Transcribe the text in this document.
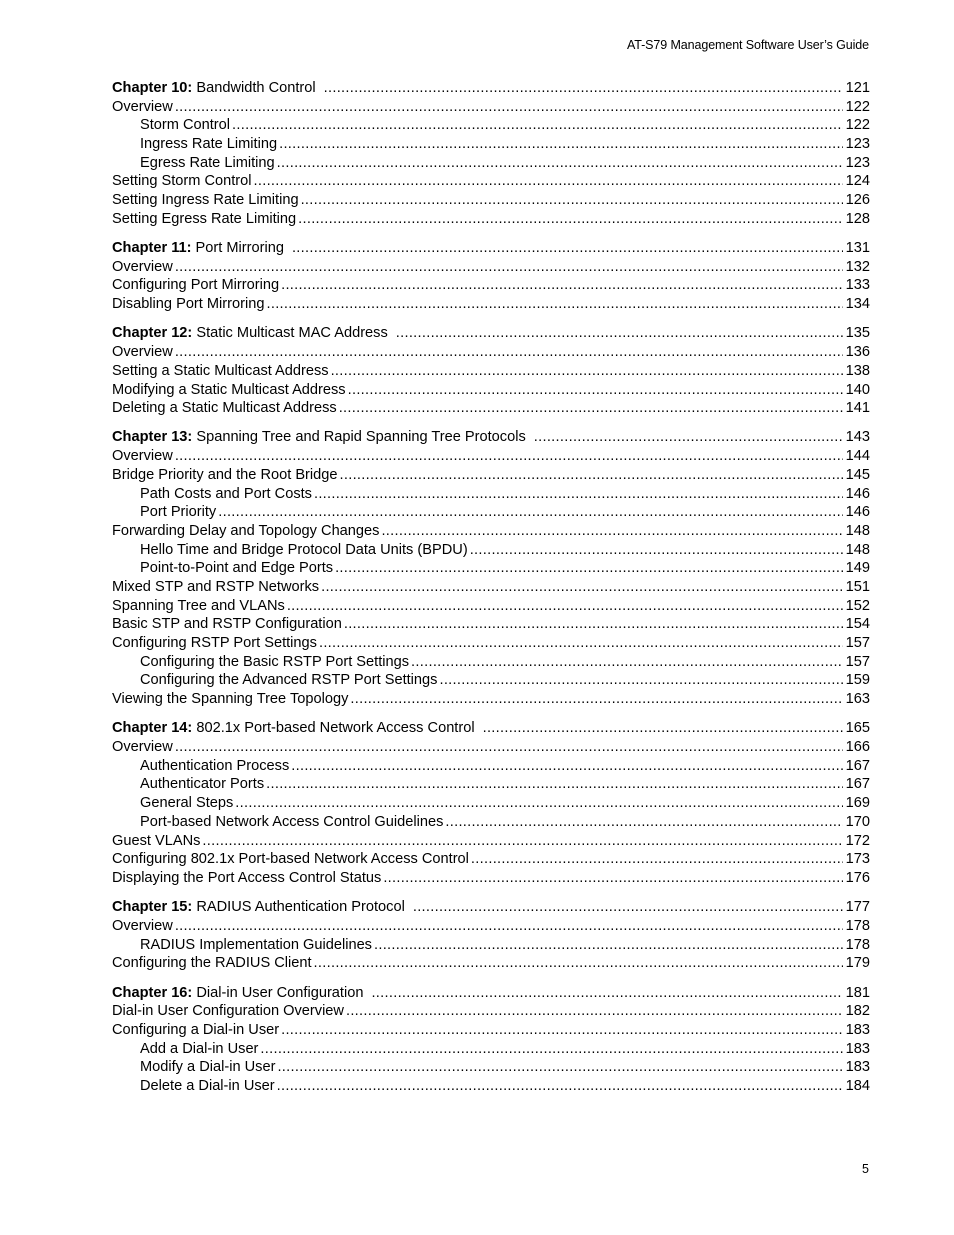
AT-S79 Management Software User’s Guide
Chapter 10: Bandwidth Control .....	121
Overview .....	122
Storm Control .....	122
Ingress Rate Limiting .....	123
Egress Rate Limiting .....	123
Setting Storm Control .....	124
Setting Ingress Rate Limiting .....	126
Setting Egress Rate Limiting .....	128
Chapter 11: Port Mirroring .....	131
Overview .....	132
Configuring Port Mirroring .....	133
Disabling Port Mirroring .....	134
Chapter 12: Static Multicast MAC Address .....	135
Overview .....	136
Setting a Static Multicast Address .....	138
Modifying a Static Multicast Address .....	140
Deleting a Static Multicast Address .....	141
Chapter 13: Spanning Tree and Rapid Spanning Tree Protocols .....	143
Overview .....	144
Bridge Priority and the Root Bridge .....	145
Path Costs and Port Costs .....	146
Port Priority .....	146
Forwarding Delay and Topology Changes .....	148
Hello Time and Bridge Protocol Data Units (BPDU) .....	148
Point-to-Point and Edge Ports .....	149
Mixed STP and RSTP Networks .....	151
Spanning Tree and VLANs .....	152
Basic STP and RSTP Configuration .....	154
Configuring RSTP Port Settings .....	157
Configuring the Basic RSTP Port Settings .....	157
Configuring the Advanced RSTP Port Settings .....	159
Viewing the Spanning Tree Topology .....	163
Chapter 14: 802.1x Port-based Network Access Control .....	165
Overview .....	166
Authentication Process .....	167
Authenticator Ports .....	167
General Steps .....	169
Port-based Network Access Control Guidelines .....	170
Guest VLANs .....	172
Configuring 802.1x Port-based Network Access Control .....	173
Displaying the Port Access Control Status .....	176
Chapter 15: RADIUS Authentication Protocol .....	177
Overview .....	178
RADIUS Implementation Guidelines .....	178
Configuring the RADIUS Client .....	179
Chapter 16: Dial-in User Configuration .....	181
Dial-in User Configuration Overview .....	182
Configuring a Dial-in User .....	183
Add a Dial-in User .....	183
Modify a Dial-in User .....	183
Delete a Dial-in User .....	184
5
